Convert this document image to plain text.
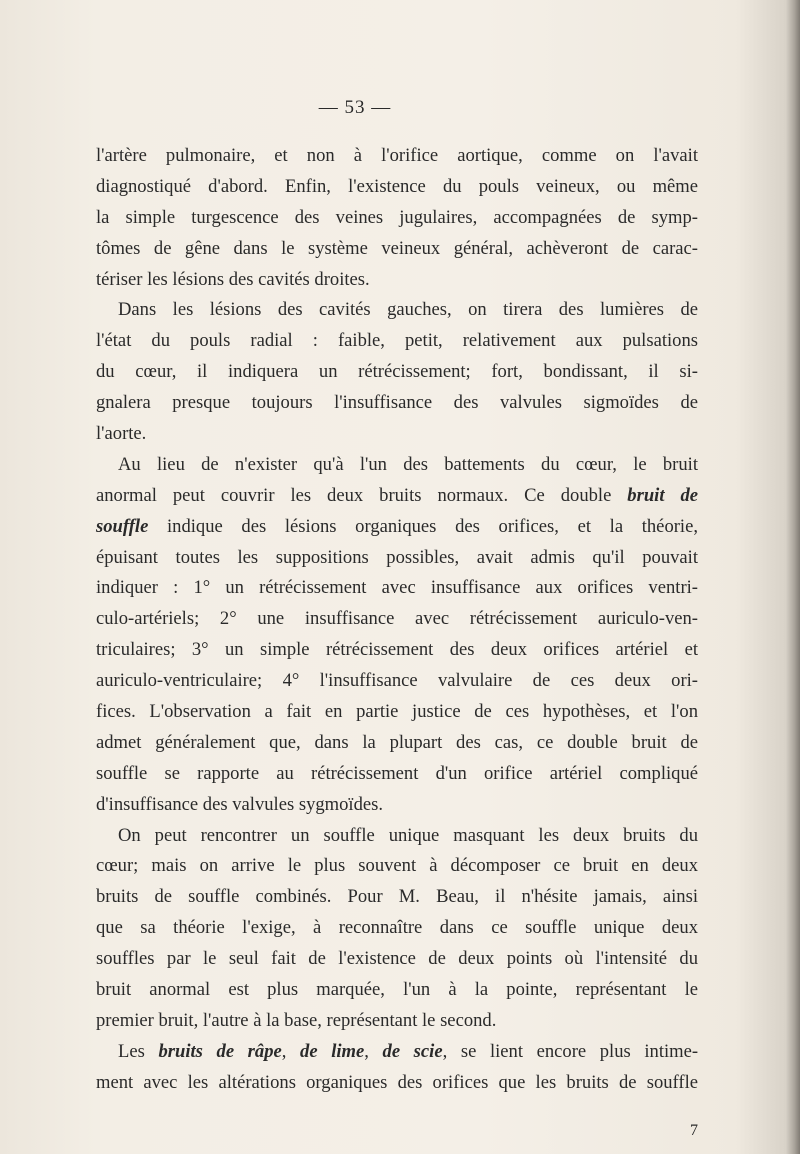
— 53 —
l'artère pulmonaire, et non à l'orifice aortique, comme on l'avait
diagnostiqué d'abord. Enfin, l'existence du pouls veineux, ou même
la simple turgescence des veines jugulaires, accompagnées de symp-
tômes de gêne dans le système veineux général, achèveront de carac-
tériser les lésions des cavités droites.
Dans les lésions des cavités gauches, on tirera des lumières de
l'état du pouls radial : faible, petit, relativement aux pulsations
du cœur, il indiquera un rétrécissement; fort, bondissant, il si-
gnalera presque toujours l'insuffisance des valvules sigmoïdes de
l'aorte.
Au lieu de n'exister qu'à l'un des battements du cœur, le bruit
anormal peut couvrir les deux bruits normaux. Ce double bruit de
souffle indique des lésions organiques des orifices, et la théorie,
épuisant toutes les suppositions possibles, avait admis qu'il pouvait
indiquer : 1° un rétrécissement avec insuffisance aux orifices ventri-
culo-artériels; 2° une insuffisance avec rétrécissement auriculo-ven-
triculaires; 3° un simple rétrécissement des deux orifices artériel et
auriculo-ventriculaire; 4° l'insuffisance valvulaire de ces deux ori-
fices. L'observation a fait en partie justice de ces hypothèses, et l'on
admet généralement que, dans la plupart des cas, ce double bruit de
souffle se rapporte au rétrécissement d'un orifice artériel compliqué
d'insuffisance des valvules sygmoïdes.
On peut rencontrer un souffle unique masquant les deux bruits du
cœur; mais on arrive le plus souvent à décomposer ce bruit en deux
bruits de souffle combinés. Pour M. Beau, il n'hésite jamais, ainsi
que sa théorie l'exige, à reconnaître dans ce souffle unique deux
souffles par le seul fait de l'existence de deux points où l'intensité du
bruit anormal est plus marquée, l'un à la pointe, représentant le
premier bruit, l'autre à la base, représentant le second.
Les bruits de râpe, de lime, de scie, se lient encore plus intime-
ment avec les altérations organiques des orifices que les bruits de souffle
7
